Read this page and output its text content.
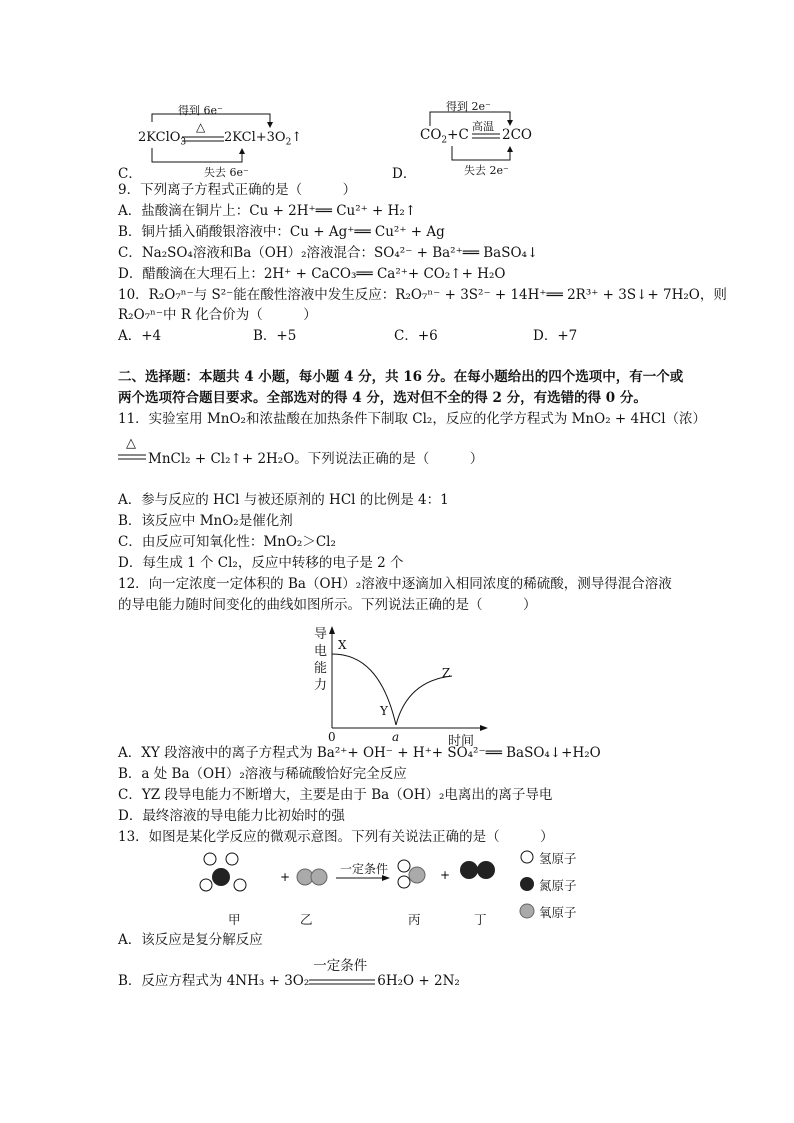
得到 6e⁻
C．
△
2KClO$_3$	$2KCl+3O_2↑$
失去 6e⁻
得到 2e⁻
D．
$CO_2+C$
高温
2CO
失去 2e⁻
9．下列离子方程式正确的是（　　　）
A．盐酸滴在铜片上：Cu + 2H⁺══ Cu²⁺ + H₂↑
B．铜片插入硝酸银溶液中：Cu + Ag⁺══ Cu²⁺ + Ag
C．Na₂SO₄溶液和Ba（OH）₂溶液混合：SO₄²⁻ + Ba²⁺══ BaSO₄↓
D．醋酸滴在大理石上：2H⁺ + CaCO₃══ Ca²⁺+ CO₂↑+ H₂O
10．R₂O₇ⁿ⁻与 S²⁻能在酸性溶液中发生反应：R₂O₇ⁿ⁻ + 3S²⁻ + 14H⁺══ 2R³⁺ + 3S↓+ 7H₂O，则
R₂O₇ⁿ⁻中 R 化合价为（　　　）
A．+4	B．+5	C．+6	D．+7
二、选择题：本题共 4 小题，每小题 4 分，共 16 分。在每小题给出的四个选项中，有一个或
两个选项符合题目要求。全部选对的得 4 分，选对但不全的得 2 分，有选错的得 0 分。
11．实验室用 MnO₂和浓盐酸在加热条件下制取 Cl₂，反应的化学方程式为 MnO₂ + 4HCl（浓）
△
MnCl₂ + Cl₂↑+ 2H₂O。下列说法正确的是（　　　）
A．参与反应的 HCl 与被还原剂的 HCl 的比例是 4：1
B．该反应中 MnO₂是催化剂
C．由反应可知氧化性：MnO₂＞Cl₂
D．每生成 1 个 Cl₂，反应中转移的电子是 2 个
12．向一定浓度一定体积的 Ba（OH）₂溶液中逐滴加入相同浓度的稀硫酸，测导得混合溶液
的导电能力随时间变化的曲线如图所示。下列说法正确的是（　　　）
导
电
能
力
X
Y
Z
0	a	时间
A．XY 段溶液中的离子方程式为 Ba²⁺+ OH⁻ + H⁺+ SO₄²⁻══ BaSO₄↓+H₂O
B．a 处 Ba（OH）₂溶液与稀硫酸恰好完全反应
C．YZ 段导电能力不断增大，主要是由于 Ba（OH）₂电离出的离子导电
D．最终溶液的导电能力比初始时的强
13．如图是某化学反应的微观示意图。下列有关说法正确的是（　　　）
+	+
一定条件
氢原子
氮原子
氧原子
甲	乙	丙	丁
A．该反应是复分解反应
B．反应方程式为 4NH₃ + 3O₂
一定条件
6H₂O + 2N₂
